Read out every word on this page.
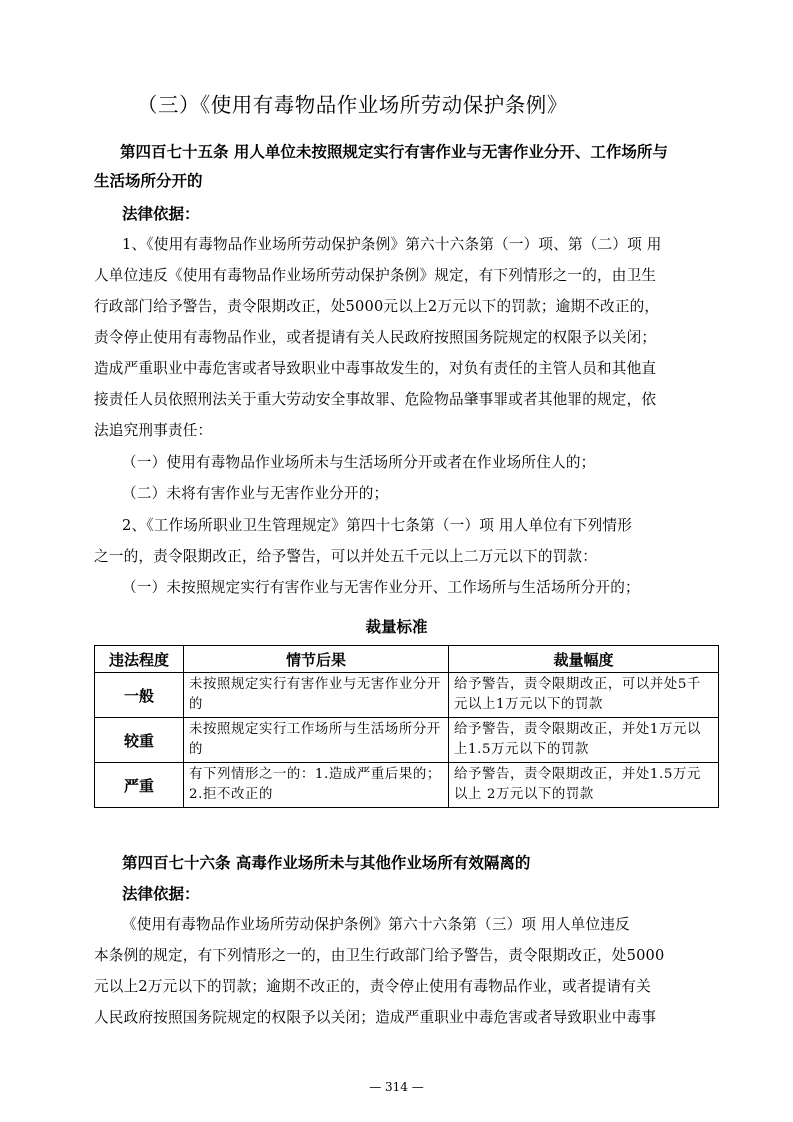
（三）《使用有毒物品作业场所劳动保护条例》
第四百七十五条 用人单位未按照规定实行有害作业与无害作业分开、工作场所与
生活场所分开的
法律依据：
1、《使用有毒物品作业场所劳动保护条例》第六十六条第（一）项、第（二）项 用
人单位违反《使用有毒物品作业场所劳动保护条例》规定，有下列情形之一的，由卫生
行政部门给予警告，责令限期改正，处5000元以上2万元以下的罚款；逾期不改正的，
责令停止使用有毒物品作业，或者提请有关人民政府按照国务院规定的权限予以关闭；
造成严重职业中毒危害或者导致职业中毒事故发生的，对负有责任的主管人员和其他直
接责任人员依照刑法关于重大劳动安全事故罪、危险物品肇事罪或者其他罪的规定，依
法追究刑事责任：
（一）使用有毒物品作业场所未与生活场所分开或者在作业场所住人的；
（二）未将有害作业与无害作业分开的；
2、《工作场所职业卫生管理规定》第四十七条第（一）项 用人单位有下列情形
之一的，责令限期改正，给予警告，可以并处五千元以上二万元以下的罚款：
（一）未按照规定实行有害作业与无害作业分开、工作场所与生活场所分开的；
裁量标准
违法程度	情节后果	裁量幅度
一般	未按照规定实行有害作业与无害作业分开的	给予警告，责令限期改正，可以并处5千元以上1万元以下的罚款
较重	未按照规定实行工作场所与生活场所分开的	给予警告，责令限期改正，并处1万元以上1.5万元以下的罚款
严重	有下列情形之一的：1.造成严重后果的；2.拒不改正的	给予警告，责令限期改正，并处1.5万元以上 2万元以下的罚款
第四百七十六条 高毒作业场所未与其他作业场所有效隔离的
法律依据：
《使用有毒物品作业场所劳动保护条例》第六十六条第（三）项 用人单位违反
本条例的规定，有下列情形之一的，由卫生行政部门给予警告，责令限期改正，处5000
元以上2万元以下的罚款；逾期不改正的，责令停止使用有毒物品作业，或者提请有关
人民政府按照国务院规定的权限予以关闭；造成严重职业中毒危害或者导致职业中毒事
— 314 —
